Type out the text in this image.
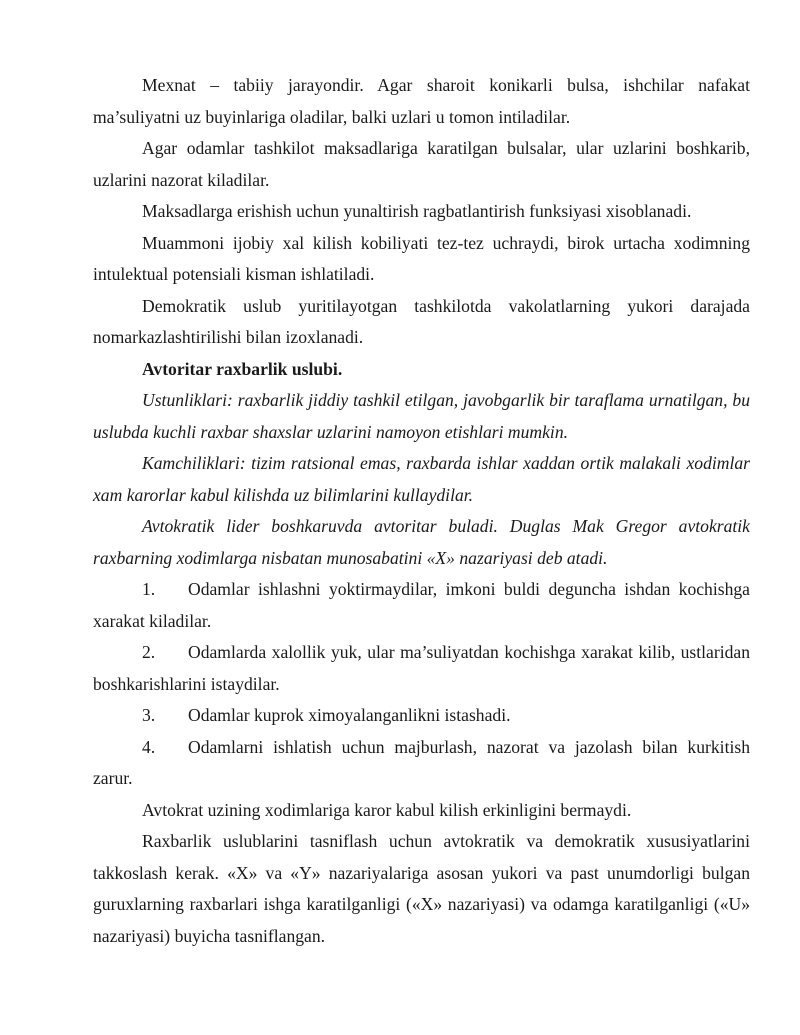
Mexnat – tabiiy jarayondir. Agar sharoit konikarli bulsa, ishchilar nafakat ma’suliyatni uz buyinlariga oladilar, balki uzlari u tomon intiladilar.

Agar odamlar tashkilot maksadlariga karatilgan bulsalar, ular uzlarini boshkarib, uzlarini nazorat kiladilar.

Maksadlarga erishish uchun yunaltirish ragbatlantirish funksiyasi xisoblanadi.

Muammoni ijobiy xal kilish kobiliyati tez-tez uchraydi, birok urtacha xodimning intulektual potensiali kisman ishlatiladi.

Demokratik uslub yuritilayotgan tashkilotda vakolatlarning yukori darajada nomarkazlashtirilishi bilan izoxlanadi.

Avtoritar raxbarlik uslubi.

Ustunliklari: raxbarlik jiddiy tashkil etilgan, javobgarlik bir taraflama urnatilgan, bu uslubda kuchli raxbar shaxslar uzlarini namoyon etishlari mumkin.

Kamchiliklari: tizim ratsional emas, raxbarda ishlar xaddan ortik malakali xodimlar xam karorlar kabul kilishda uz bilimlarini kullaydilar.

Avtokratik lider boshkaruvda avtoritar buladi. Duglas Mak Gregor avtokratik raxbarning xodimlarga nisbatan munosabatini «X» nazariyasi deb atadi.

1. Odamlar ishlashni yoktirmaydilar, imkoni buldi deguncha ishdan kochishga xarakat kiladilar.

2. Odamlarda xalollik yuk, ular ma’suliyatdan kochishga xarakat kilib, ustlaridan boshkarishlarini istaydilar.

3. Odamlar kuprok ximoyalanganlikni istashadi.

4. Odamlarni ishlatish uchun majburlash, nazorat va jazolash bilan kurkitish zarur.

Avtokrat uzining xodimlariga karor kabul kilish erkinligini bermaydi.

Raxbarlik uslublarini tasniflash uchun avtokratik va demokratik xususiyatlarini takkoslash kerak. «X» va «Y» nazariyalariga asosan yukori va past unumdorligi bulgan guruxlarning raxbarlari ishga karatilganligi («X» nazariyasi) va odamga karatilganligi («U» nazariyasi) buyicha tasniflangan.
